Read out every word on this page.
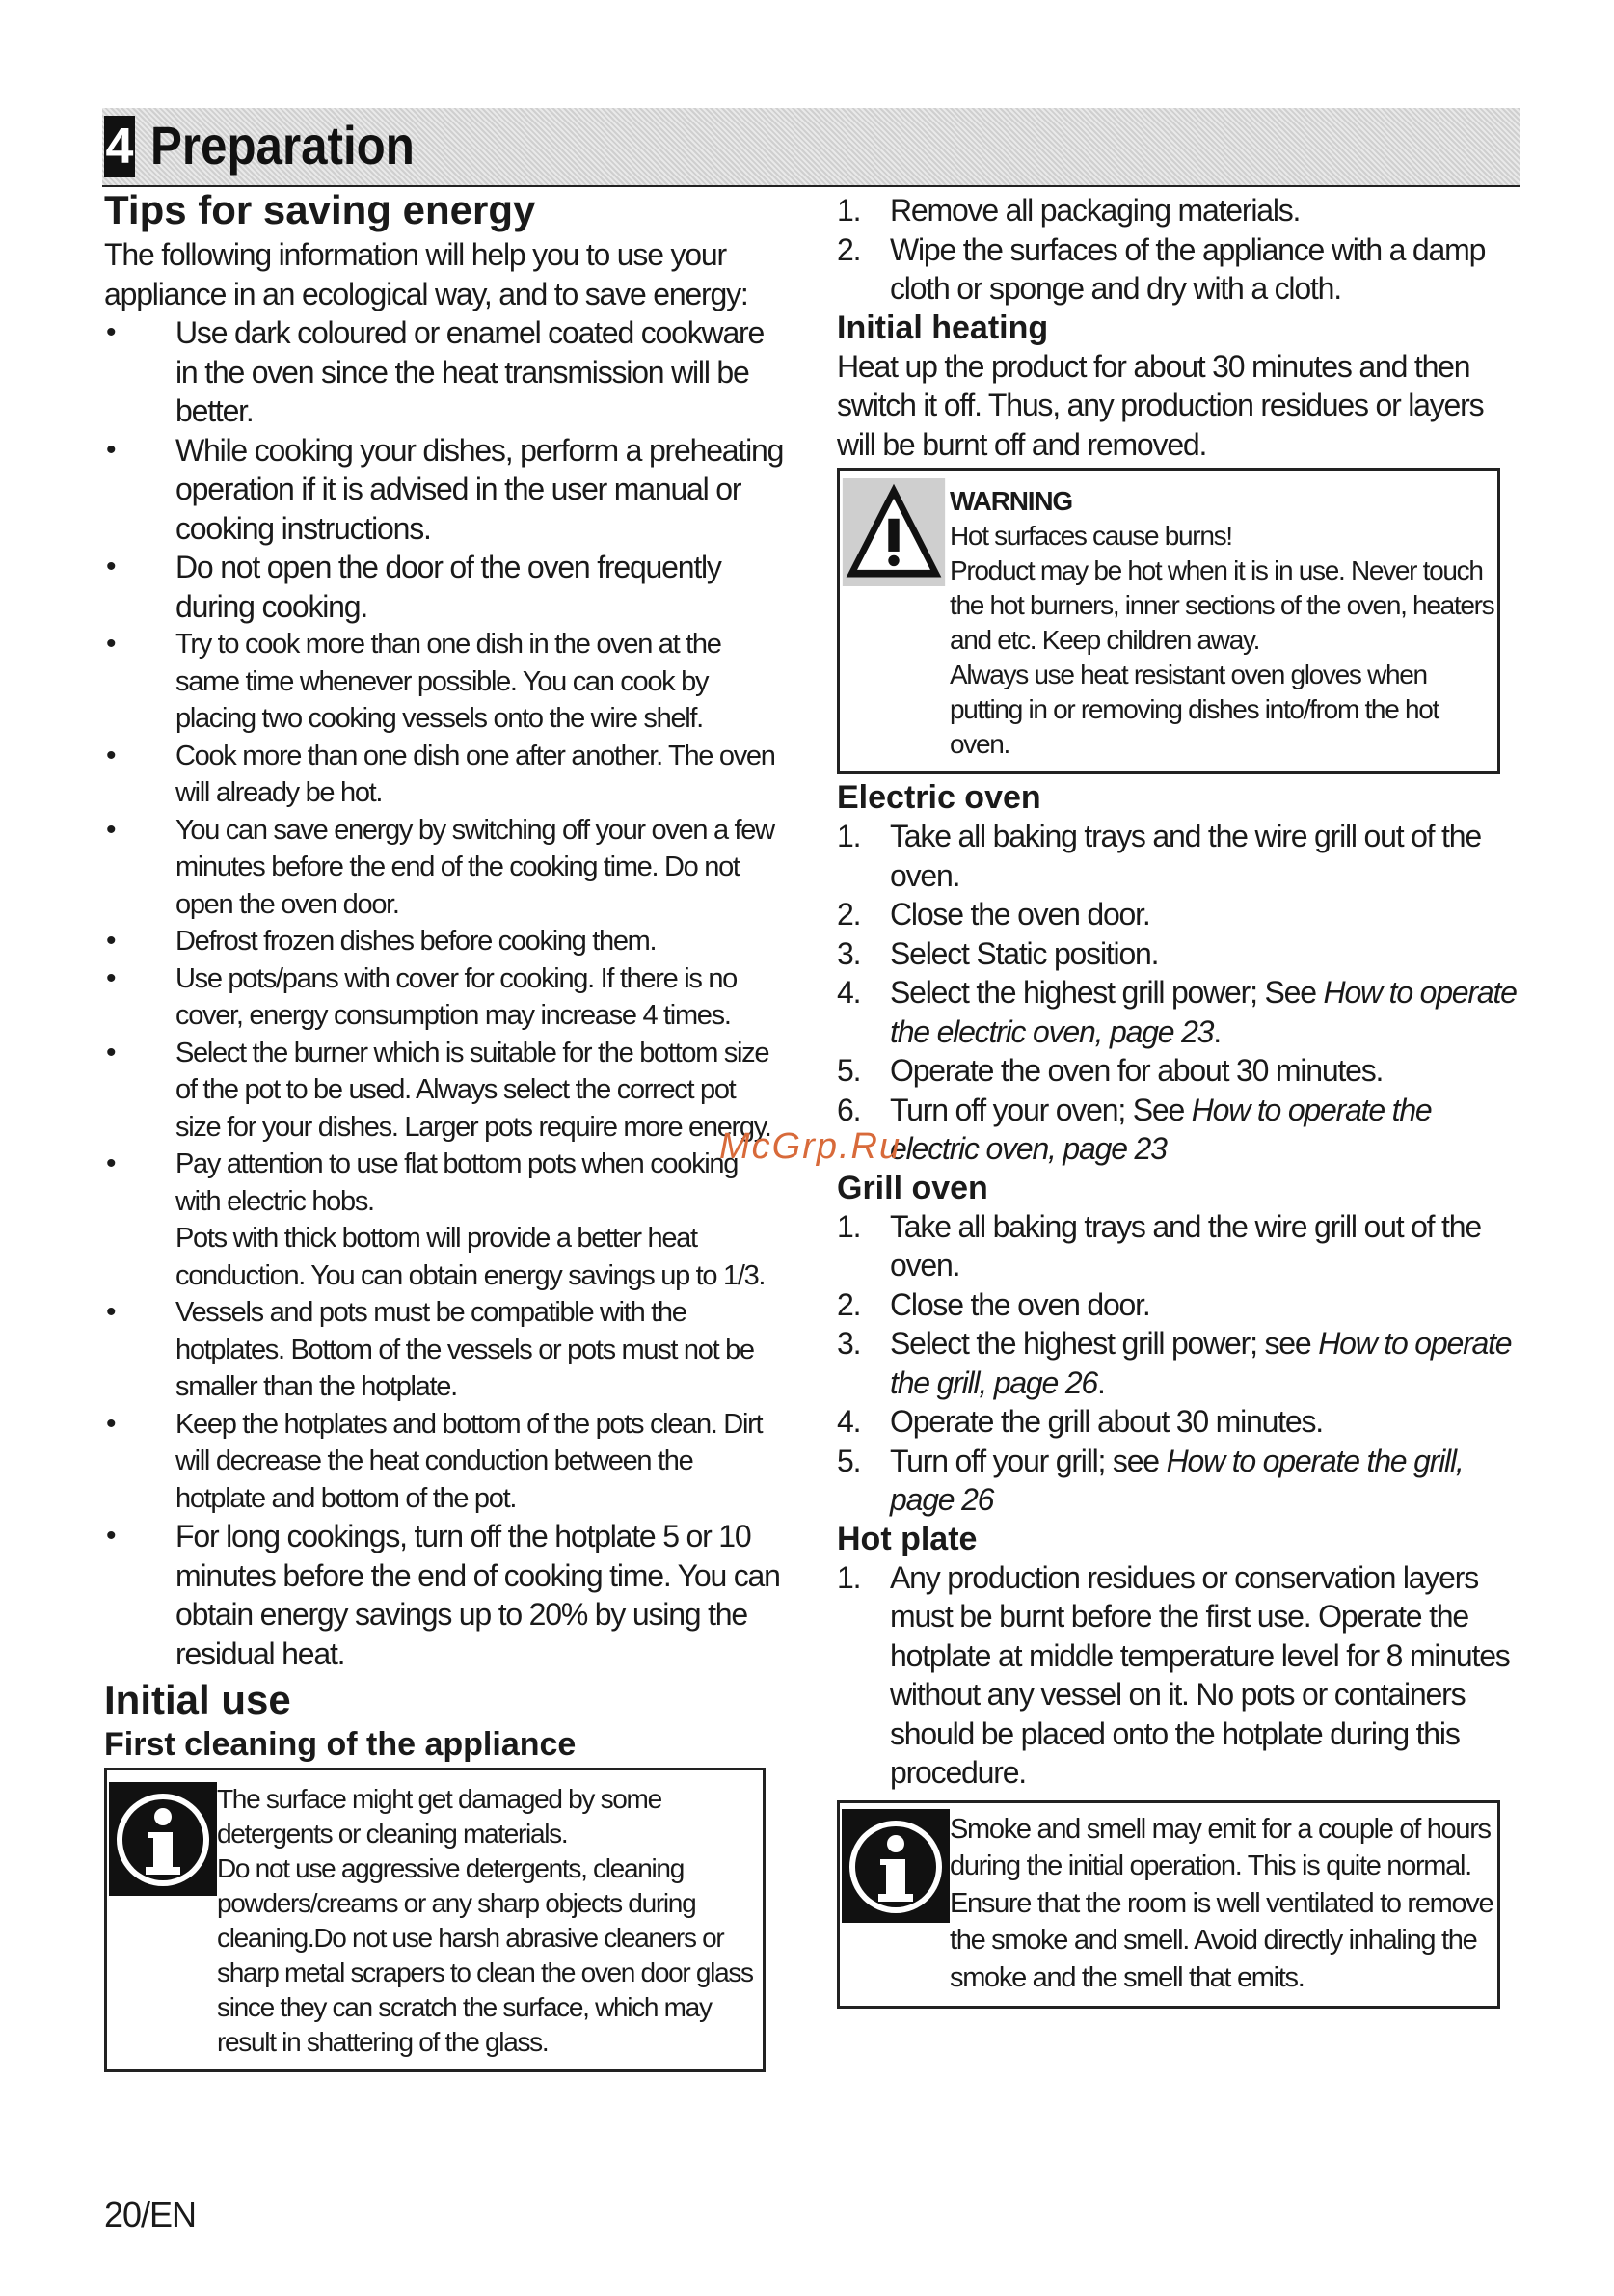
4 Preparation
Tips for saving energy
The following information will help you to use your appliance in an ecological way, and to save energy:
• Use dark coloured or enamel coated cookware in the oven since the heat transmission will be better.
• While cooking your dishes, perform a preheating operation if it is advised in the user manual or cooking instructions.
• Do not open the door of the oven frequently during cooking.
• Try to cook more than one dish in the oven at the same time whenever possible. You can cook by placing two cooking vessels onto the wire shelf.
• Cook more than one dish one after another. The oven will already be hot.
• You can save energy by switching off your oven a few minutes before the end of the cooking time. Do not open the oven door.
• Defrost frozen dishes before cooking them.
• Use pots/pans with cover for cooking. If there is no cover, energy consumption may increase 4 times.
• Select the burner which is suitable for the bottom size of the pot to be used. Always select the correct pot size for your dishes. Larger pots require more energy.
• Pay attention to use flat bottom pots when cooking with electric hobs.
Pots with thick bottom will provide a better heat conduction. You can obtain energy savings up to 1/3.
• Vessels and pots must be compatible with the hotplates. Bottom of the vessels or pots must not be smaller than the hotplate.
• Keep the hotplates and bottom of the pots clean. Dirt will decrease the heat conduction between the hotplate and bottom of the pot.
• For long cookings, turn off the hotplate 5 or 10 minutes before the end of cooking time. You can obtain energy savings up to 20% by using the residual heat.
Initial use
First cleaning of the appliance
The surface might get damaged by some detergents or cleaning materials.
Do not use aggressive detergents, cleaning powders/creams or any sharp objects during cleaning.Do not use harsh abrasive cleaners or sharp metal scrapers to clean the oven door glass since they can scratch the surface, which may result in shattering of the glass.
1. Remove all packaging materials.
2. Wipe the surfaces of the appliance with a damp cloth or sponge and dry with a cloth.
Initial heating
Heat up the product for about 30 minutes and then switch it off. Thus, any production residues or layers will be burnt off and removed.
WARNING
Hot surfaces cause burns!
Product may be hot when it is in use. Never touch the hot burners, inner sections of the oven, heaters and etc. Keep children away.
Always use heat resistant oven gloves when putting in or removing dishes into/from the hot oven.
Electric oven
1. Take all baking trays and the wire grill out of the oven.
2. Close the oven door.
3. Select Static position.
4. Select the highest grill power; See How to operate the electric oven, page 23.
5. Operate the oven for about 30 minutes.
6. Turn off your oven; See How to operate the electric oven, page 23
Grill oven
1. Take all baking trays and the wire grill out of the oven.
2. Close the oven door.
3. Select the highest grill power; see How to operate the grill, page 26.
4. Operate the grill about 30 minutes.
5. Turn off your grill; see How to operate the grill, page 26
Hot plate
1. Any production residues or conservation layers must be burnt before the first use. Operate the hotplate at middle temperature level for 8 minutes without any vessel on it. No pots or containers should be placed onto the hotplate during this procedure.
Smoke and smell may emit for a couple of hours during the initial operation. This is quite normal. Ensure that the room is well ventilated to remove the smoke and smell. Avoid directly inhaling the smoke and the smell that emits.
20/EN
McGrp.Ru
